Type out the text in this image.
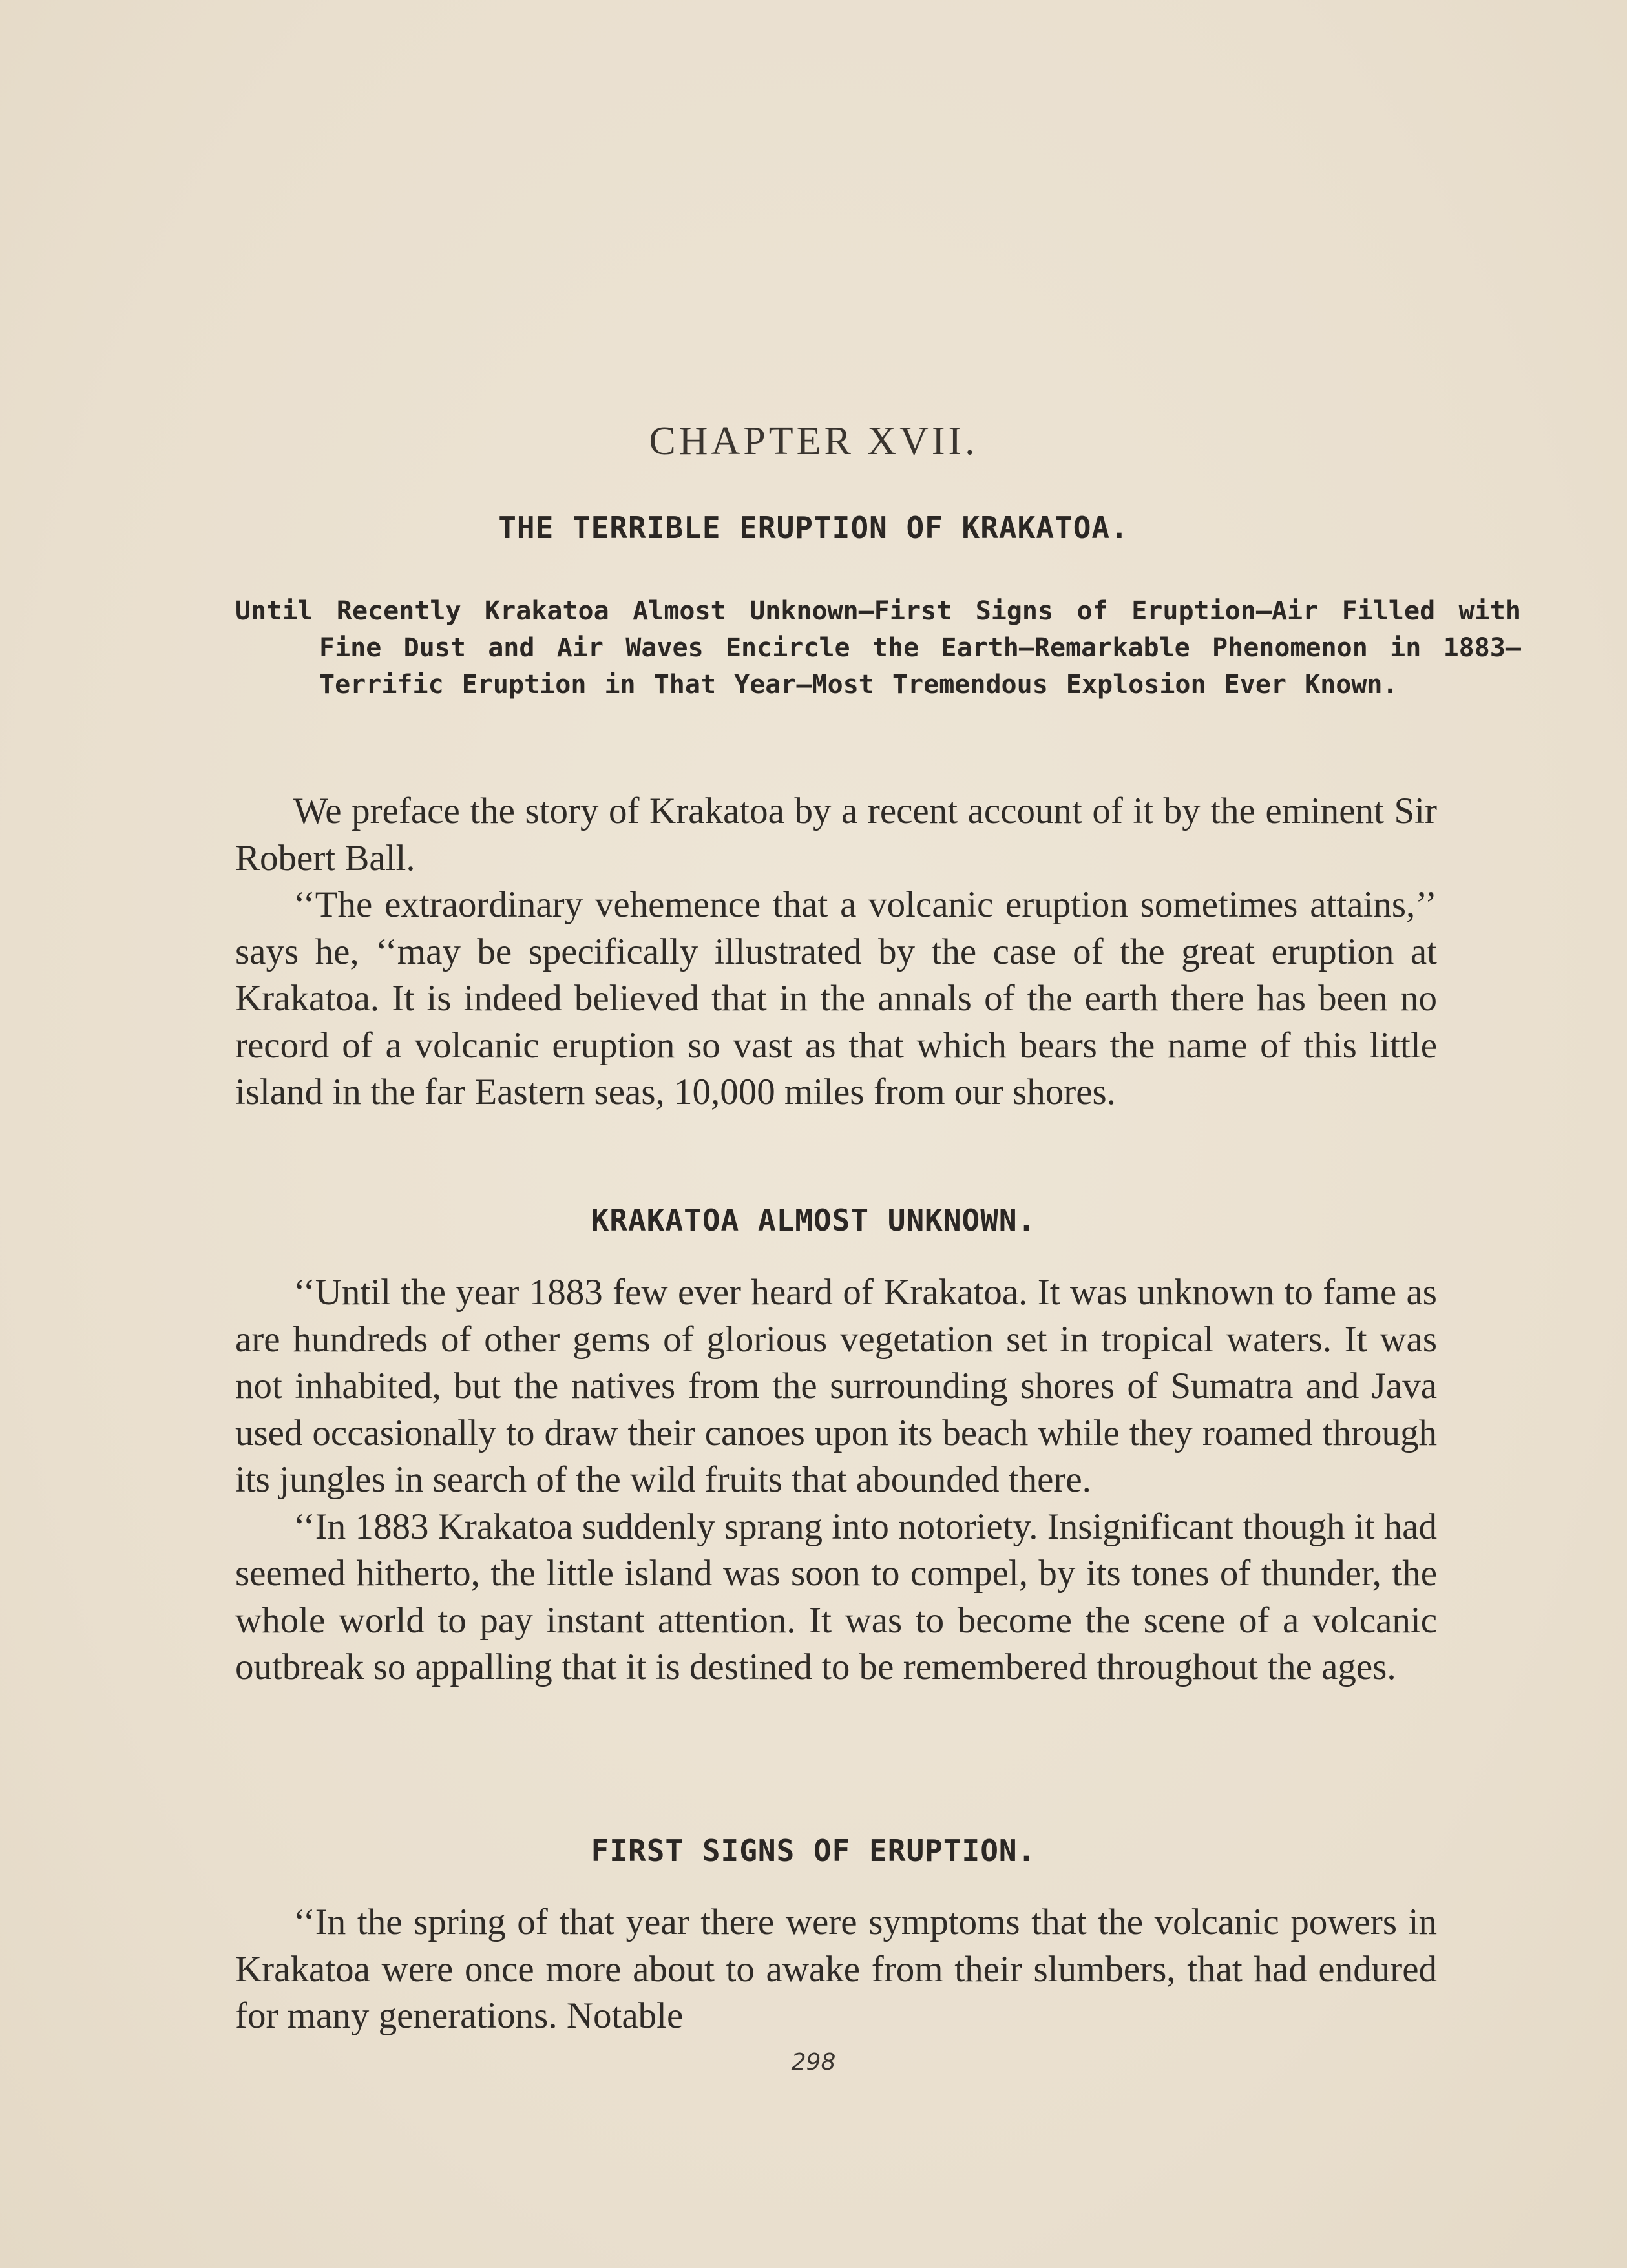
CHAPTER XVII.
THE TERRIBLE ERUPTION OF KRAKATOA.
Until Recently Krakatoa Almost Unknown—First Signs of Eruption—Air Filled with Fine Dust and Air Waves Encircle the Earth—Remarkable Phenomenon in 1883—Terrific Eruption in That Year—Most Tremendous Explosion Ever Known.

We preface the story of Krakatoa by a recent account of it by the eminent Sir Robert Ball.

‘‘The extraordinary vehemence that a volcanic eruption sometimes attains,’’ says he, ‘‘may be specifically illustrated by the case of the great eruption at Krakatoa. It is indeed believed that in the annals of the earth there has been no record of a volcanic eruption so vast as that which bears the name of this little island in the far Eastern seas, 10,000 miles from our shores.

KRAKATOA ALMOST UNKNOWN.

‘‘Until the year 1883 few ever heard of Krakatoa. It was unknown to fame as are hundreds of other gems of glorious vegetation set in tropical waters. It was not inhabited, but the natives from the surrounding shores of Sumatra and Java used occasionally to draw their canoes upon its beach while they roamed through its jungles in search of the wild fruits that abounded there.

‘‘In 1883 Krakatoa suddenly sprang into notoriety. Insignificant though it had seemed hitherto, the little island was soon to compel, by its tones of thunder, the whole world to pay instant attention. It was to become the scene of a volcanic outbreak so appalling that it is destined to be remembered throughout the ages.

FIRST SIGNS OF ERUPTION.

‘‘In the spring of that year there were symptoms that the volcanic powers in Krakatoa were once more about to awake from their slumbers, that had endured for many generations. Notable

298
